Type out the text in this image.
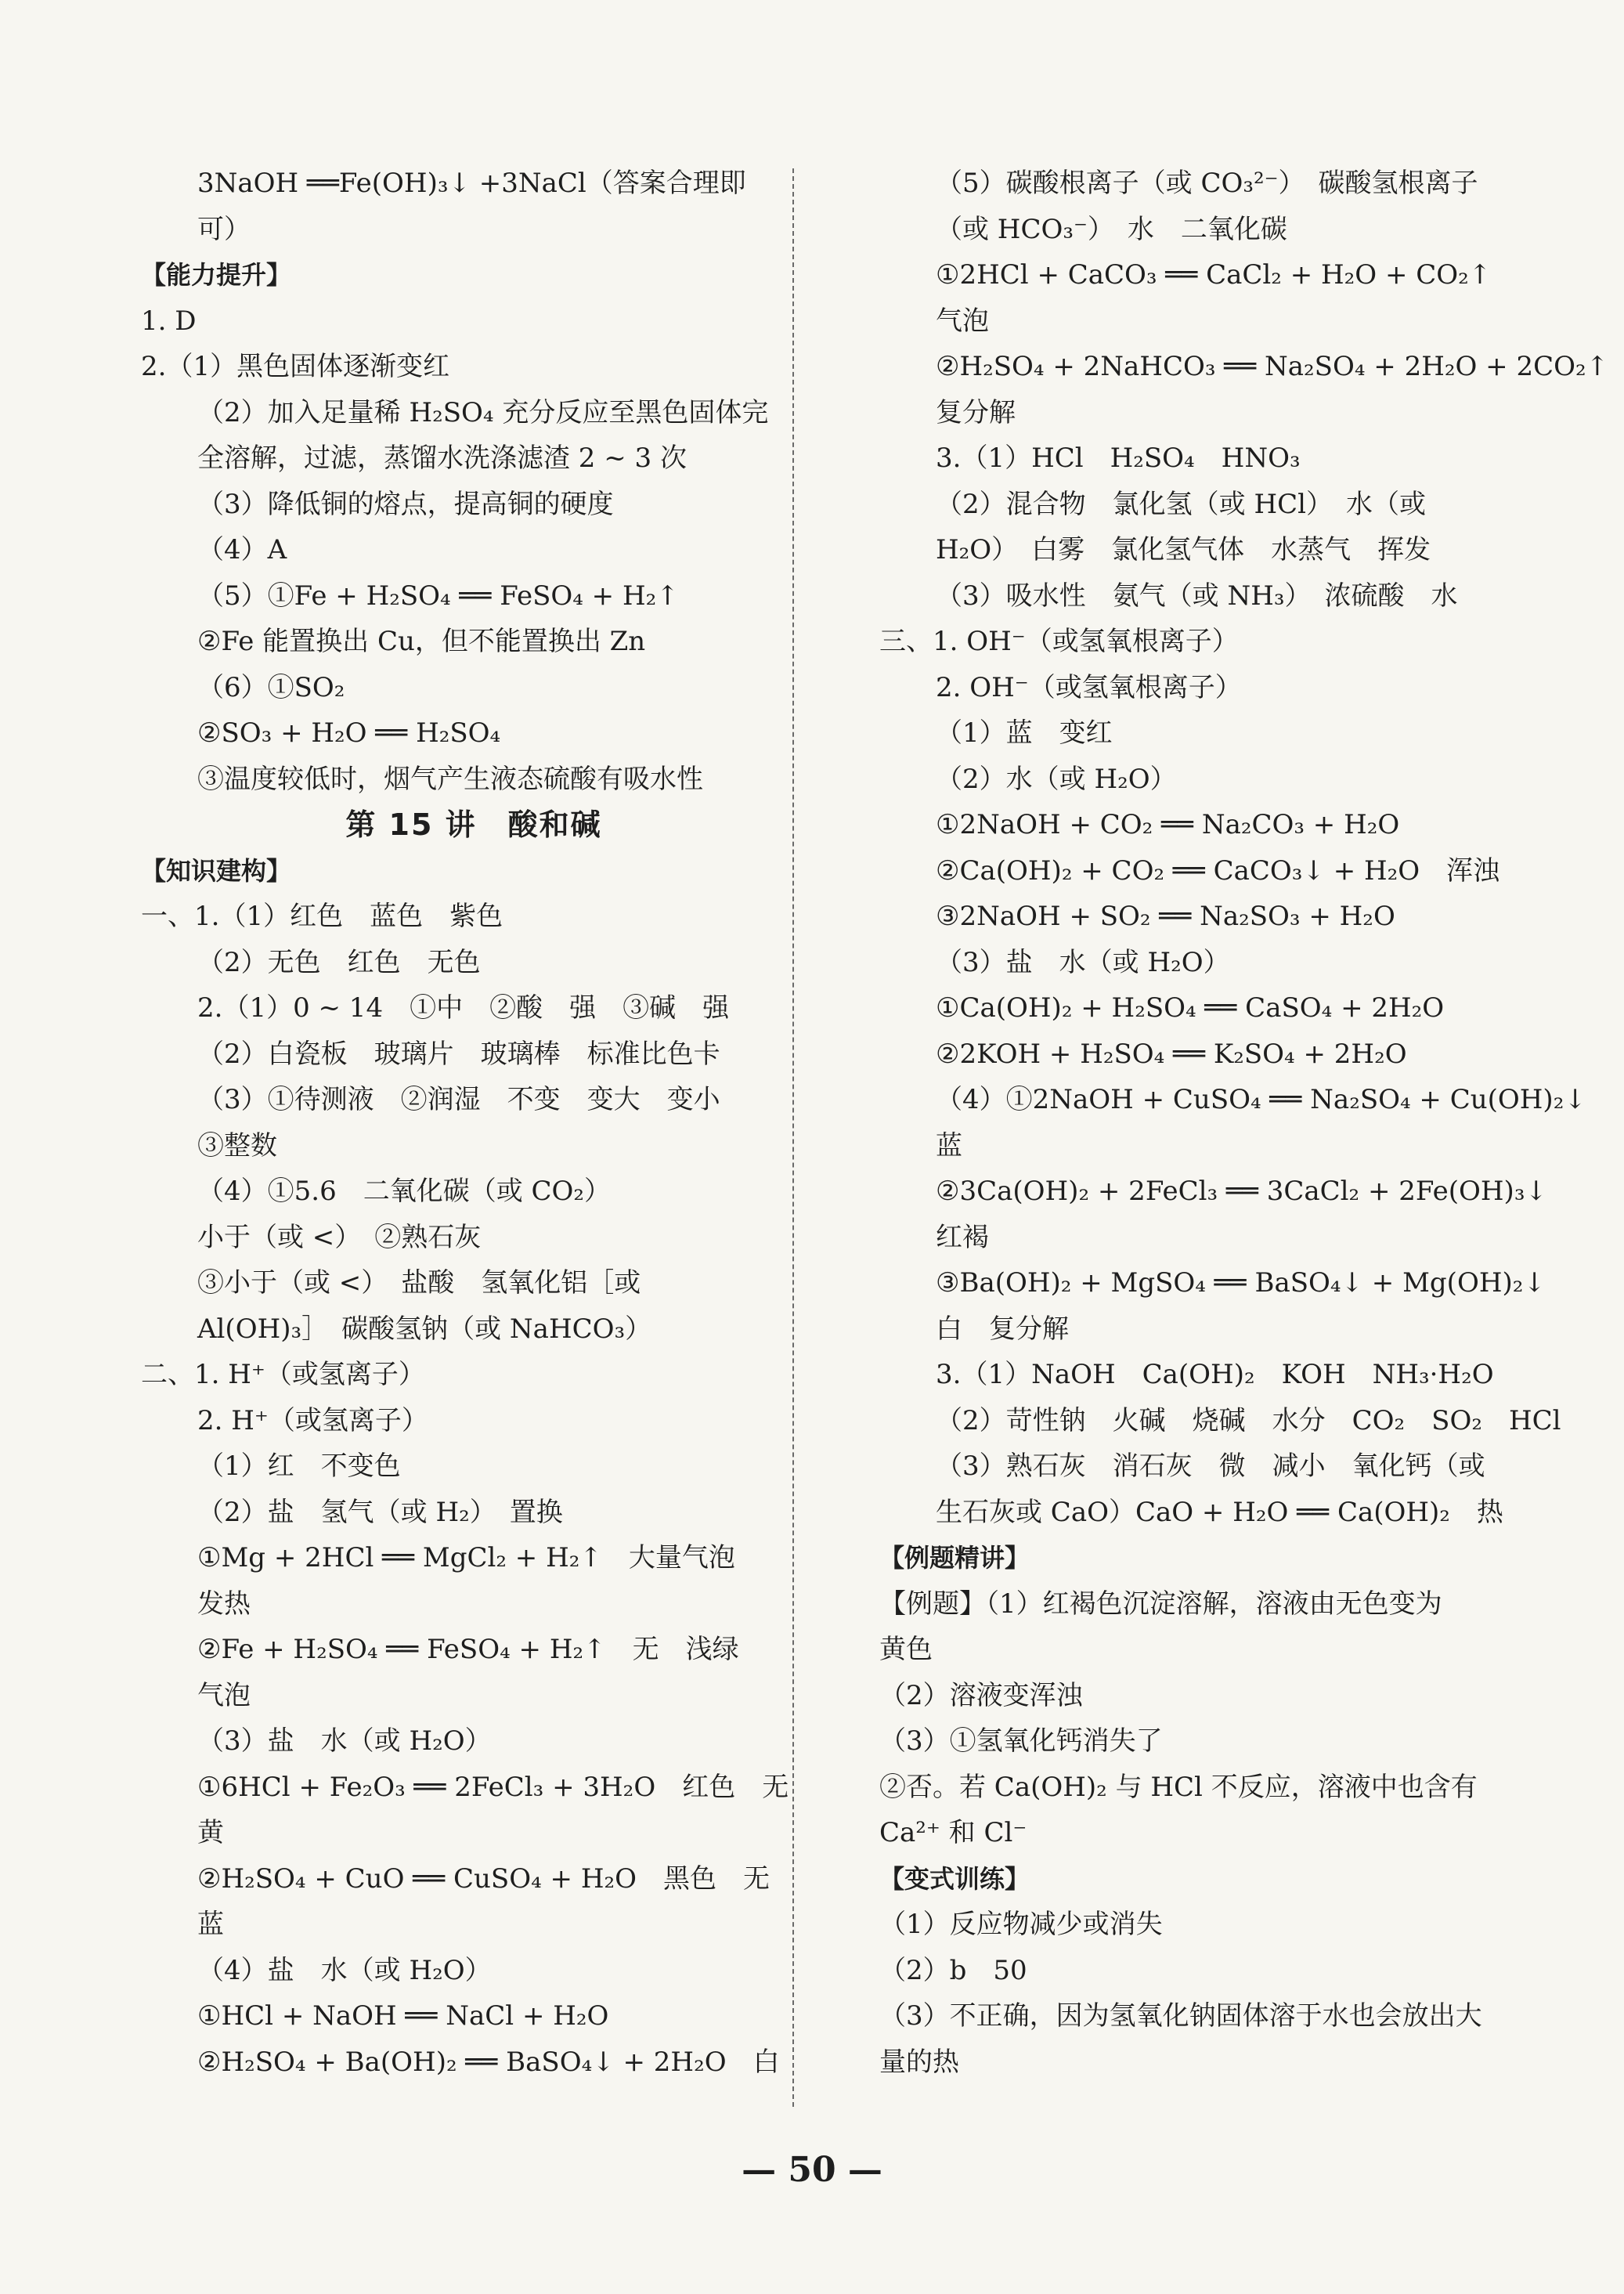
3NaOH ══Fe(OH)₃↓ +3NaCl（答案合理即
可）
【能力提升】
1. D
2.（1）黑色固体逐渐变红
（2）加入足量稀 H₂SO₄ 充分反应至黑色固体完
全溶解，过滤，蒸馏水洗涤滤渣 2 ~ 3 次
（3）降低铜的熔点，提高铜的硬度
（4）A
（5）①Fe + H₂SO₄ ══ FeSO₄ + H₂↑
②Fe 能置换出 Cu，但不能置换出 Zn
（6）①SO₂
②SO₃ + H₂O ══ H₂SO₄
③温度较低时，烟气产生液态硫酸有吸水性
第 15 讲　酸和碱
【知识建构】
一、1.（1）红色　蓝色　紫色
（2）无色　红色　无色
2.（1）0 ~ 14　①中　②酸　强　③碱　强
（2）白瓷板　玻璃片　玻璃棒　标准比色卡
（3）①待测液　②润湿　不变　变大　变小
③整数
（4）①5.6　二氧化碳（或 CO₂）
小于（或 <）　②熟石灰
③小于（或 <）　盐酸　氢氧化铝［或
Al(OH)₃］　碳酸氢钠（或 NaHCO₃）
二、1. H⁺（或氢离子）
2. H⁺（或氢离子）
（1）红　不变色
（2）盐　氢气（或 H₂）　置换
①Mg + 2HCl ══ MgCl₂ + H₂↑　大量气泡
发热
②Fe + H₂SO₄ ══ FeSO₄ + H₂↑　无　浅绿
气泡
（3）盐　水（或 H₂O）
①6HCl + Fe₂O₃ ══ 2FeCl₃ + 3H₂O　红色　无
黄
②H₂SO₄ + CuO ══ CuSO₄ + H₂O　黑色　无
蓝
（4）盐　水（或 H₂O）
①HCl + NaOH ══ NaCl + H₂O
②H₂SO₄ + Ba(OH)₂ ══ BaSO₄↓ + 2H₂O　白
（5）碳酸根离子（或 CO₃²⁻）　碳酸氢根离子
（或 HCO₃⁻）　水　二氧化碳
①2HCl + CaCO₃ ══ CaCl₂ + H₂O + CO₂↑
气泡
②H₂SO₄ + 2NaHCO₃ ══ Na₂SO₄ + 2H₂O + 2CO₂↑
复分解
3.（1）HCl　H₂SO₄　HNO₃
（2）混合物　氯化氢（或 HCl）　水（或
H₂O）　白雾　氯化氢气体　水蒸气　挥发
（3）吸水性　氨气（或 NH₃）　浓硫酸　水
三、1. OH⁻（或氢氧根离子）
2. OH⁻（或氢氧根离子）
（1）蓝　变红
（2）水（或 H₂O）
①2NaOH + CO₂ ══ Na₂CO₃ + H₂O
②Ca(OH)₂ + CO₂ ══ CaCO₃↓ + H₂O　浑浊
③2NaOH + SO₂ ══ Na₂SO₃ + H₂O
（3）盐　水（或 H₂O）
①Ca(OH)₂ + H₂SO₄ ══ CaSO₄ + 2H₂O
②2KOH + H₂SO₄ ══ K₂SO₄ + 2H₂O
（4）①2NaOH + CuSO₄ ══ Na₂SO₄ + Cu(OH)₂↓
蓝
②3Ca(OH)₂ + 2FeCl₃ ══ 3CaCl₂ + 2Fe(OH)₃↓
红褐
③Ba(OH)₂ + MgSO₄ ══ BaSO₄↓ + Mg(OH)₂↓
白　复分解
3.（1）NaOH　Ca(OH)₂　KOH　NH₃·H₂O
（2）苛性钠　火碱　烧碱　水分　CO₂　SO₂　HCl
（3）熟石灰　消石灰　微　减小　氧化钙（或
生石灰或 CaO）CaO + H₂O ══ Ca(OH)₂　热
【例题精讲】
【例题】（1）红褐色沉淀溶解，溶液由无色变为
黄色
（2）溶液变浑浊
（3）①氢氧化钙消失了
②否。若 Ca(OH)₂ 与 HCl 不反应，溶液中也含有
Ca²⁺ 和 Cl⁻
【变式训练】
（1）反应物减少或消失
（2）b　50
（3）不正确，因为氢氧化钠固体溶于水也会放出大
量的热
— 50 —
